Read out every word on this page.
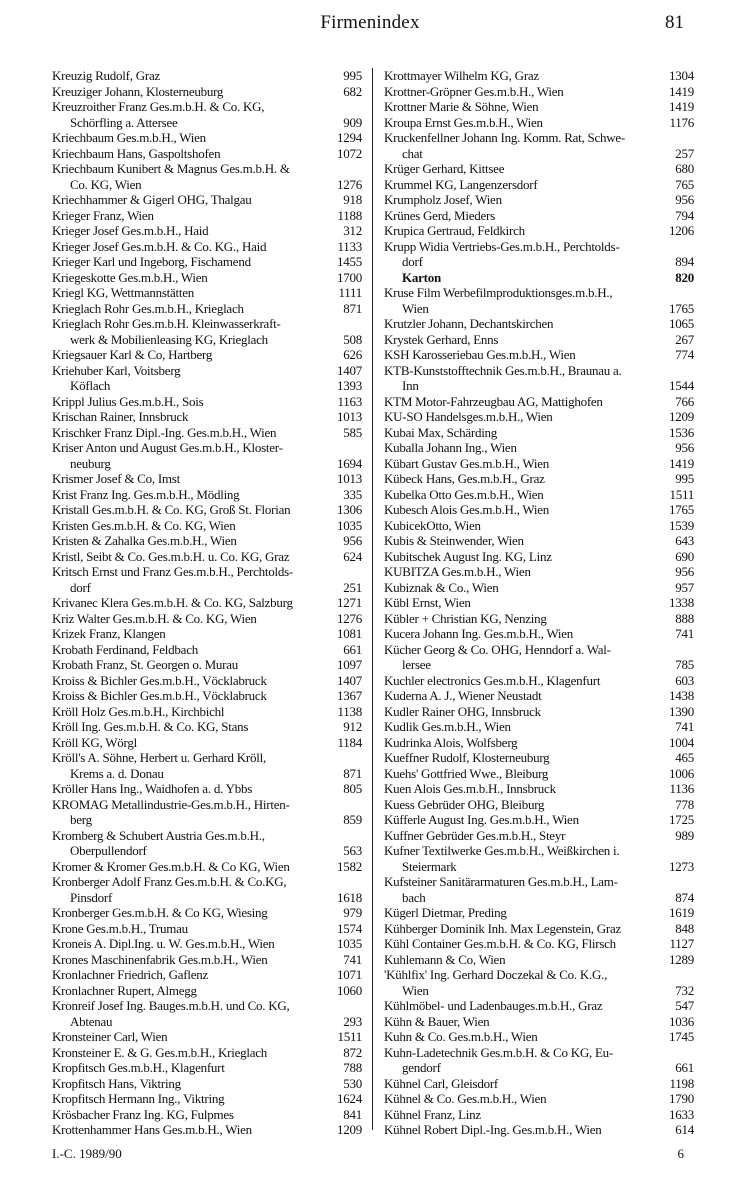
Firmenindex	81
Kreuzig Rudolf, Graz	995
Kreuziger Johann, Klosterneuburg	682
Kreuzroither Franz Ges.m.b.H. & Co. KG,
Schörfling a. Attersee	909
Kriechbaum Ges.m.b.H., Wien	1294
Kriechbaum Hans, Gaspoltshofen	1072
Kriechbaum Kunibert & Magnus Ges.m.b.H. &
Co. KG, Wien	1276
Kriechhammer & Gigerl OHG, Thalgau	918
Krieger Franz, Wien	1188
Krieger Josef Ges.m.b.H., Haid	312
Krieger Josef Ges.m.b.H. & Co. KG., Haid	1133
Krieger Karl und Ingeborg, Fischamend	1455
Kriegeskotte Ges.m.b.H., Wien	1700
Kriegl KG, Wettmannstätten	1111
Krieglach Rohr Ges.m.b.H., Krieglach	871
Krieglach Rohr Ges.m.b.H. Kleinwasserkraft-
werk & Mobilienleasing KG, Krieglach	508
Kriegsauer Karl & Co, Hartberg	626
Kriehuber Karl, Voitsberg	1407
Köflach	1393
Krippl Julius Ges.m.b.H., Sois	1163
Krischan Rainer, Innsbruck	1013
Krischker Franz Dipl.-Ing. Ges.m.b.H., Wien	585
Kriser Anton und August Ges.m.b.H., Kloster-
neuburg	1694
Krismer Josef & Co, Imst	1013
Krist Franz Ing. Ges.m.b.H., Mödling	335
Kristall Ges.m.b.H. & Co. KG, Groß St. Florian	1306
Kristen Ges.m.b.H. & Co. KG, Wien	1035
Kristen & Zahalka Ges.m.b.H., Wien	956
Kristl, Seibt & Co. Ges.m.b.H. u. Co. KG, Graz	624
Kritsch Ernst und Franz Ges.m.b.H., Perchtolds-
dorf	251
Krivanec Klera Ges.m.b.H. & Co. KG, Salzburg	1271
Kriz Walter Ges.m.b.H. & Co. KG, Wien	1276
Krizek Franz, Klangen	1081
Krobath Ferdinand, Feldbach	661
Krobath Franz, St. Georgen o. Murau	1097
Kroiss & Bichler Ges.m.b.H., Vöcklabruck	1407
Kroiss & Bichler Ges.m.b.H., Vöcklabruck	1367
Kröll Holz Ges.m.b.H., Kirchbichl	1138
Kröll Ing. Ges.m.b.H. & Co. KG, Stans	912
Kröll KG, Wörgl	1184
Kröll's A. Söhne, Herbert u. Gerhard Kröll,
Krems a. d. Donau	871
Kröller Hans Ing., Waidhofen a. d. Ybbs	805
KROMAG Metallindustrie-Ges.m.b.H., Hirten-
berg	859
Kromberg & Schubert Austria Ges.m.b.H.,
Oberpullendorf	563
Kromer & Kromer Ges.m.b.H. & Co KG, Wien	1582
Kronberger Adolf Franz Ges.m.b.H. & Co.KG,
Pinsdorf	1618
Kronberger Ges.m.b.H. & Co KG, Wiesing	979
Krone Ges.m.b.H., Trumau	1574
Kroneis A. Dipl.Ing. u. W. Ges.m.b.H., Wien	1035
Krones Maschinenfabrik Ges.m.b.H., Wien	741
Kronlachner Friedrich, Gaflenz	1071
Kronlachner Rupert, Almegg	1060
Kronreif Josef Ing. Bauges.m.b.H. und Co. KG,
Abtenau	293
Kronsteiner Carl, Wien	1511
Kronsteiner E. & G. Ges.m.b.H., Krieglach	872
Kropfitsch Ges.m.b.H., Klagenfurt	788
Kropfitsch Hans, Viktring	530
Kropfitsch Hermann Ing., Viktring	1624
Krösbacher Franz Ing. KG, Fulpmes	841
Krottenhammer Hans Ges.m.b.H., Wien	1209
Krottmayer Wilhelm KG, Graz	1304
Krottner-Gröpner Ges.m.b.H., Wien	1419
Krottner Marie & Söhne, Wien	1419
Kroupa Ernst Ges.m.b.H., Wien	1176
Kruckenfellner Johann Ing. Komm. Rat, Schwe-
chat	257
Krüger Gerhard, Kittsee	680
Krummel KG, Langenzersdorf	765
Krumpholz Josef, Wien	956
Krünes Gerd, Mieders	794
Krupica Gertraud, Feldkirch	1206
Krupp Widia Vertriebs-Ges.m.b.H., Perchtolds-
dorf	894
Karton	820
Kruse Film Werbefilmproduktionsges.m.b.H.,
Wien	1765
Krutzler Johann, Dechantskirchen	1065
Krystek Gerhard, Enns	267
KSH Karosseriebau Ges.m.b.H., Wien	774
KTB-Kunststofftechnik Ges.m.b.H., Braunau a.
Inn	1544
KTM Motor-Fahrzeugbau AG, Mattighofen	766
KU-SO Handelsges.m.b.H., Wien	1209
Kubai Max, Schärding	1536
Kuballa Johann Ing., Wien	956
Kübart Gustav Ges.m.b.H., Wien	1419
Kübeck Hans, Ges.m.b.H., Graz	995
Kubelka Otto Ges.m.b.H., Wien	1511
Kubesch Alois Ges.m.b.H., Wien	1765
KubicekOtto, Wien	1539
Kubis & Steinwender, Wien	643
Kubitschek August Ing. KG, Linz	690
KUBITZA Ges.m.b.H., Wien	956
Kubiznak & Co., Wien	957
Kübl Ernst, Wien	1338
Kübler + Christian KG, Nenzing	888
Kucera Johann Ing. Ges.m.b.H., Wien	741
Kücher Georg & Co. OHG, Henndorf a. Wal-
lersee	785
Kuchler electronics Ges.m.b.H., Klagenfurt	603
Kuderna A. J., Wiener Neustadt	1438
Kudler Rainer OHG, Innsbruck	1390
Kudlik Ges.m.b.H., Wien	741
Kudrinka Alois, Wolfsberg	1004
Kueffner Rudolf, Klosterneuburg	465
Kuehs' Gottfried Wwe., Bleiburg	1006
Kuen Alois Ges.m.b.H., Innsbruck	1136
Kuess Gebrüder OHG, Bleiburg	778
Küfferle August Ing. Ges.m.b.H., Wien	1725
Kuffner Gebrüder Ges.m.b.H., Steyr	989
Kufner Textilwerke Ges.m.b.H., Weißkirchen i.
Steiermark	1273
Kufsteiner Sanitärarmaturen Ges.m.b.H., Lam-
bach	874
Kügerl Dietmar, Preding	1619
Kühberger Dominik Inh. Max Legenstein, Graz	848
Kühl Container Ges.m.b.H. & Co. KG, Flirsch	1127
Kuhlemann & Co, Wien	1289
'Kühlfix' Ing. Gerhard Doczekal & Co. K.G.,
Wien	732
Kühlmöbel- und Ladenbauges.m.b.H., Graz	547
Kühn & Bauer, Wien	1036
Kuhn & Co. Ges.m.b.H., Wien	1745
Kuhn-Ladetechnik Ges.m.b.H. & Co KG, Eu-
gendorf	661
Kühnel Carl, Gleisdorf	1198
Kühnel & Co. Ges.m.b.H., Wien	1790
Kühnel Franz, Linz	1633
Kühnel Robert Dipl.-Ing. Ges.m.b.H., Wien	614
I.-C. 1989/90	6
